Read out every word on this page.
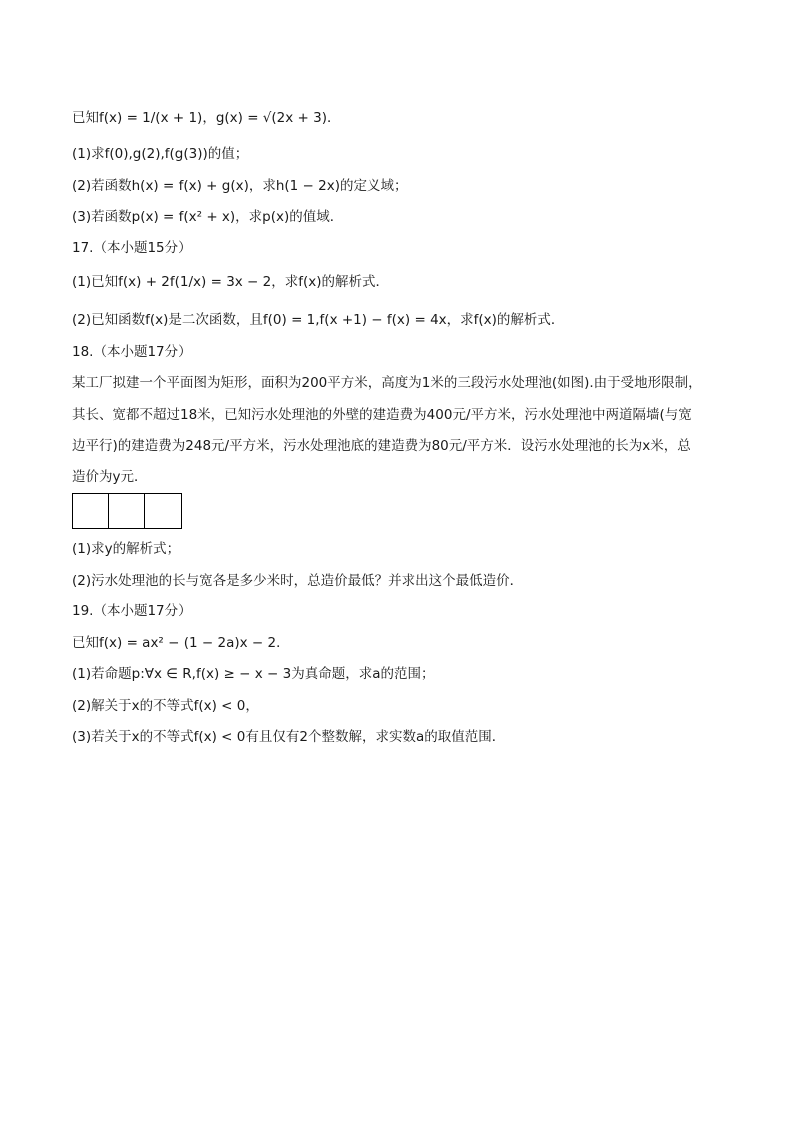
已知f(x) = 1/(x + 1)，g(x) = √(2x + 3)．
(1)求f(0),g(2),f(g(3))的值；
(2)若函数h(x) = f(x) + g(x)，求h(1 − 2x)的定义域；
(3)若函数p(x) = f(x² + x)，求p(x)的值域．
17.（本小题15分）
(1)已知f(x) + 2f(1/x) = 3x − 2，求f(x)的解析式．
(2)已知函数f(x)是二次函数，且f(0) = 1,f(x +1) − f(x) = 4x，求f(x)的解析式．
18.（本小题17分）
某工厂拟建一个平面图为矩形，面积为200平方米，高度为1米的三段污水处理池(如图).由于受地形限制，
其长、宽都不超过18米，已知污水处理池的外壁的建造费为400元/平方米，污水处理池中两道隔墙(与宽
边平行)的建造费为248元/平方米，污水处理池底的建造费为80元/平方米．设污水处理池的长为x米，总
造价为y元．
(1)求y的解析式；
(2)污水处理池的长与宽各是多少米时，总造价最低？并求出这个最低造价．
19.（本小题17分）
已知f(x) = ax² − (1 − 2a)x − 2．
(1)若命题p:∀x ∈ R,f(x) ≥ − x − 3为真命题，求a的范围；
(2)解关于x的不等式f(x) < 0，
(3)若关于x的不等式f(x) < 0有且仅有2个整数解，求实数a的取值范围．
